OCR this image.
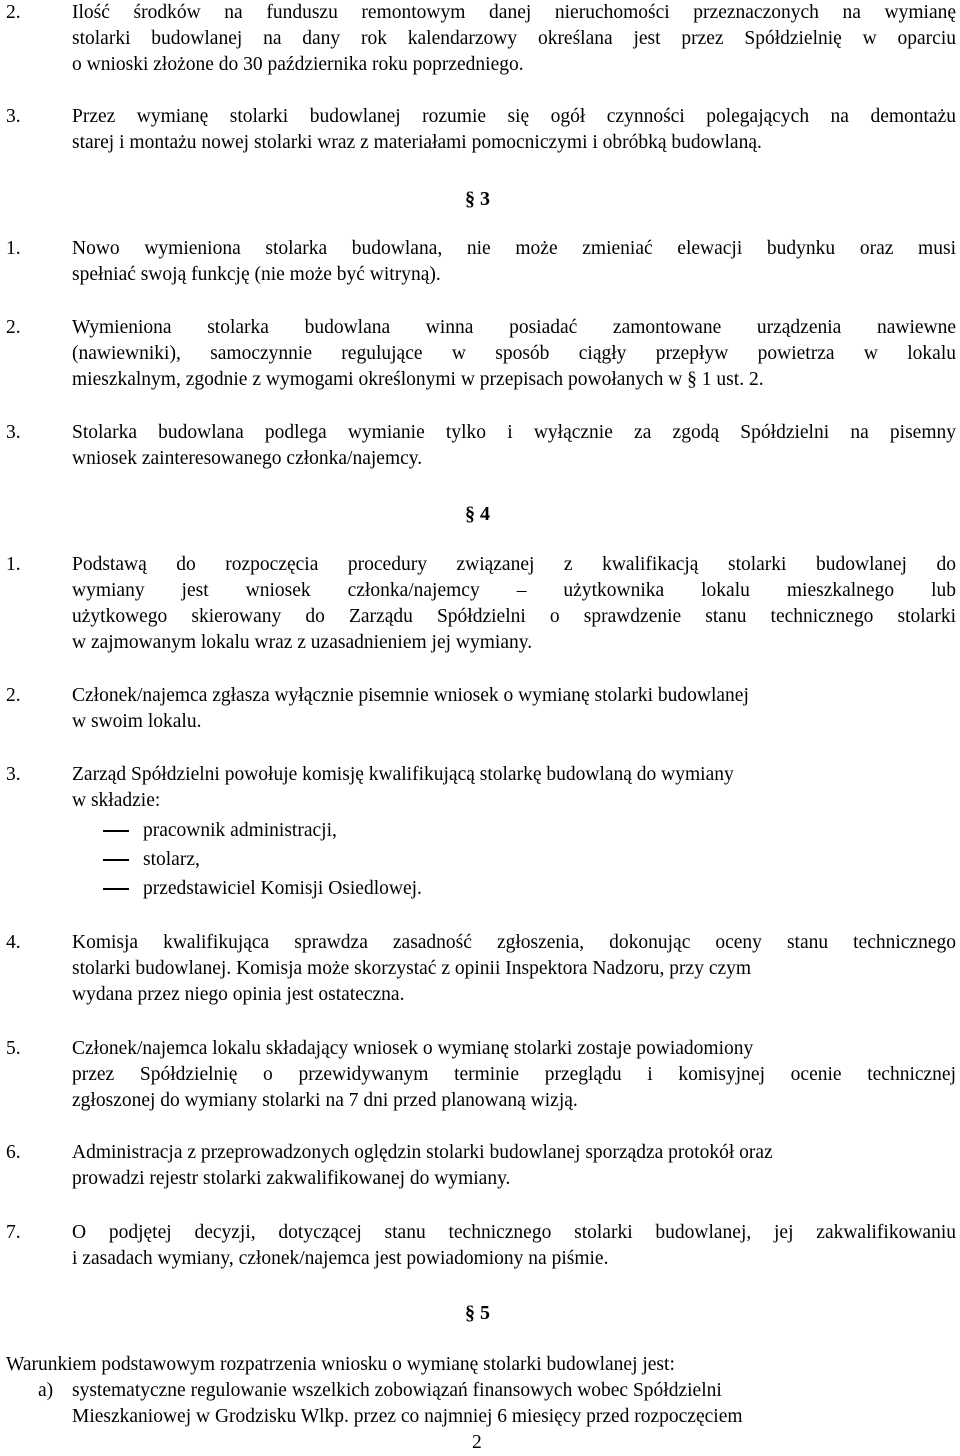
2.	Ilość środków na funduszu remontowym danej nieruchomości przeznaczonych na wymianę
stolarki budowlanej na dany rok kalendarzowy określana jest przez Spółdzielnię w oparciu
o wnioski złożone do 30 października roku poprzedniego.
3.	Przez wymianę stolarki budowlanej rozumie się ogół czynności polegających na demontażu
starej i montażu nowej stolarki wraz z materiałami pomocniczymi i obróbką budowlaną.
§ 3
1.	Nowo wymieniona stolarka budowlana, nie może zmieniać elewacji budynku oraz musi
spełniać swoją funkcję (nie może być witryną).
2.	Wymieniona stolarka budowlana winna posiadać zamontowane urządzenia nawiewne
(nawiewniki), samoczynnie regulujące w sposób ciągły przepływ powietrza w lokalu
mieszkalnym, zgodnie z wymogami określonymi w przepisach powołanych w § 1 ust. 2.
3.	Stolarka budowlana podlega wymianie tylko i wyłącznie za zgodą Spółdzielni na pisemny
wniosek zainteresowanego członka/najemcy.
§ 4
1.	Podstawą do rozpoczęcia procedury związanej z kwalifikacją stolarki budowlanej do
wymiany jest wniosek członka/najemcy – użytkownika lokalu mieszkalnego lub
użytkowego skierowany do Zarządu Spółdzielni o sprawdzenie stanu technicznego stolarki
w zajmowanym lokalu wraz z uzasadnieniem jej wymiany.
2.	Członek/najemca zgłasza wyłącznie pisemnie wniosek o wymianę stolarki budowlanej
w swoim lokalu.
3.	Zarząd Spółdzielni powołuje komisję kwalifikującą stolarkę budowlaną do wymiany
w składzie:
pracownik administracji,
stolarz,
przedstawiciel Komisji Osiedlowej.
4.	Komisja kwalifikująca sprawdza zasadność zgłoszenia, dokonując oceny stanu technicznego
stolarki budowlanej. Komisja może skorzystać z opinii Inspektora Nadzoru, przy czym
wydana przez niego opinia jest ostateczna.
5.	Członek/najemca lokalu składający wniosek o wymianę stolarki zostaje powiadomiony
przez Spółdzielnię o przewidywanym terminie przeglądu i komisyjnej ocenie technicznej
zgłoszonej do wymiany stolarki na 7 dni przed planowaną wizją.
6.	Administracja z przeprowadzonych oględzin stolarki budowlanej sporządza protokół oraz
prowadzi rejestr stolarki zakwalifikowanej do wymiany.
7.	O podjętej decyzji, dotyczącej stanu technicznego stolarki budowlanej, jej zakwalifikowaniu
i zasadach wymiany, członek/najemca jest powiadomiony na piśmie.
§ 5
Warunkiem podstawowym rozpatrzenia wniosku o wymianę stolarki budowlanej jest:
a) systematyczne regulowanie wszelkich zobowiązań finansowych wobec Spółdzielni
Mieszkaniowej w Grodzisku Wlkp. przez co najmniej 6 miesięcy przed rozpoczęciem
2
